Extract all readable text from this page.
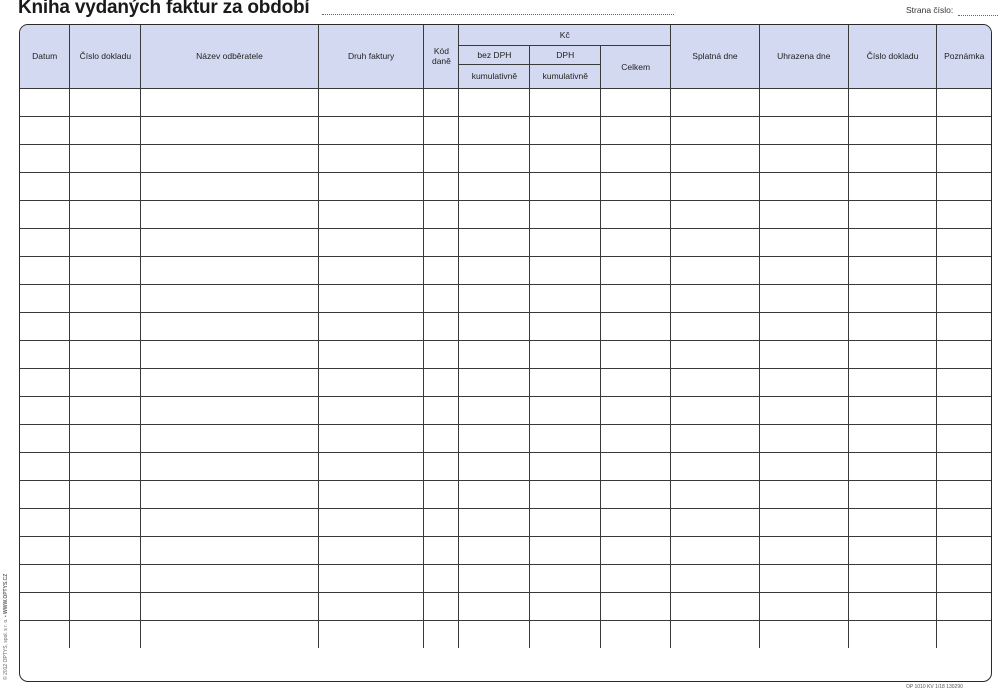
Kniha vydaných faktur za období	Strana číslo:
Datum	Číslo dokladu	Název odběratele	Druh faktury	Kód daně	Kč			Splatná dne	Uhrazena dne	Číslo dokladu	Poznámka
					bez DPH	DPH	Celkem				
					kumulativně	kumulativně					

© 2012 OPTYS, spol. s r. o. ▪ WWW.OPTYS.CZ
OP 1010 KV 1/18 130290
